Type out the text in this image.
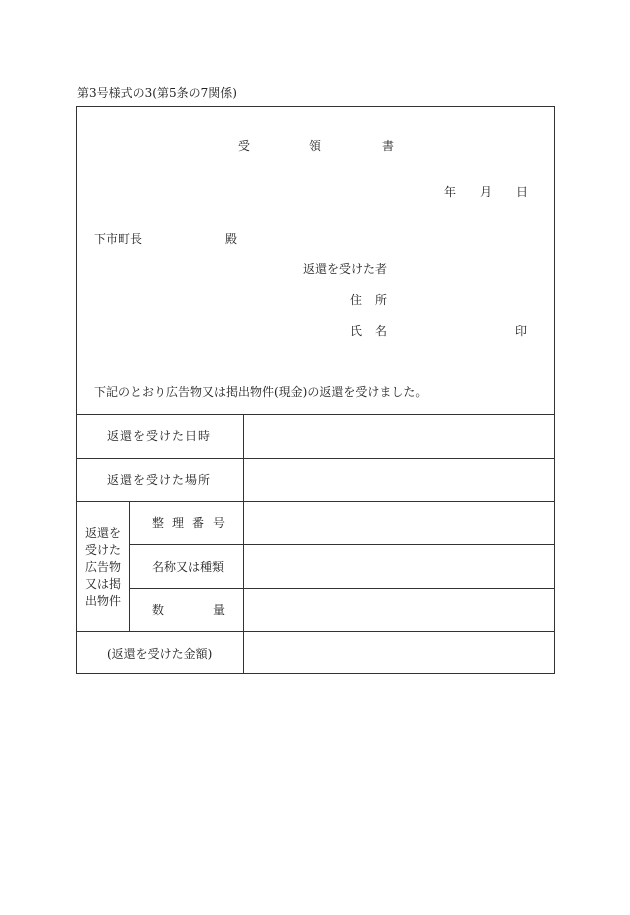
第3号様式の3(第5条の7関係)
受	領	書
年 月 日
下市町長	殿
返還を受けた者
住 所
氏 名	印
下記のとおり広告物又は掲出物件(現金)の返還を受けました。
返還を受けた日時
返還を受けた場所
返還を
受けた
広告物
又は掲
出物件
整 理 番 号
名称又は種類
数	量
(返還を受けた金額)
